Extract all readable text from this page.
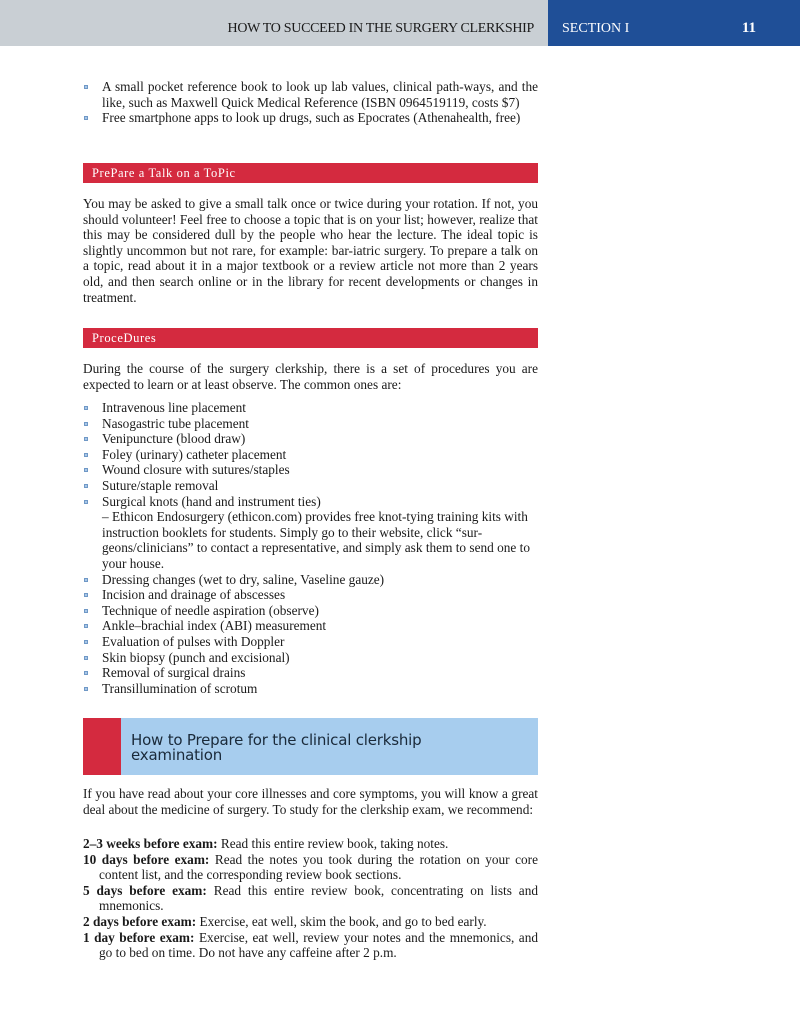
HOW TO SUCCEED IN THE SURGERY CLERKSHIP SECTION I	11
A small pocket reference book to look up lab values, clinical path-ways, and the like, such as Maxwell Quick Medical Reference (ISBN 0964519119, costs $7)
Free smartphone apps to look up drugs, such as Epocrates (Athenahealth, free)
PrePare a Talk on a ToPic
You may be asked to give a small talk once or twice during your rotation. If not, you should volunteer! Feel free to choose a topic that is on your list; however, realize that this may be considered dull by the people who hear the lecture. The ideal topic is slightly uncommon but not rare, for example: bar-iatric surgery. To prepare a talk on a topic, read about it in a major textbook or a review article not more than 2 years old, and then search online or in the library for recent developments or changes in treatment.
ProceDures
During the course of the surgery clerkship, there is a set of procedures you are expected to learn or at least observe. The common ones are:
Intravenous line placement
Nasogastric tube placement
Venipuncture (blood draw)
Foley (urinary) catheter placement
Wound closure with sutures/staples
Suture/staple removal
Surgical knots (hand and instrument ties)
– Ethicon Endosurgery (ethicon.com) provides free knot-tying training kits with instruction booklets for students. Simply go to their website, click “sur-geons/clinicians” to contact a representative, and simply ask them to send one to your house.
Dressing changes (wet to dry, saline, Vaseline gauze)
Incision and drainage of abscesses
Technique of needle aspiration (observe)
Ankle–brachial index (ABI) measurement
Evaluation of pulses with Doppler
Skin biopsy (punch and excisional)
Removal of surgical drains
Transillumination of scrotum
How to Prepare for the clinical clerkship
examination
If you have read about your core illnesses and core symptoms, you will know a great deal about the medicine of surgery. To study for the clerkship exam, we recommend:

2–3 weeks before exam: Read this entire review book, taking notes.

10 days before exam: Read the notes you took during the rotation on your core content list, and the corresponding review book sections.

5 days before exam: Read this entire review book, concentrating on lists and mnemonics.

2 days before exam: Exercise, eat well, skim the book, and go to bed early.

1 day before exam: Exercise, eat well, review your notes and the mnemonics, and go to bed on time. Do not have any caffeine after 2 p.m.
